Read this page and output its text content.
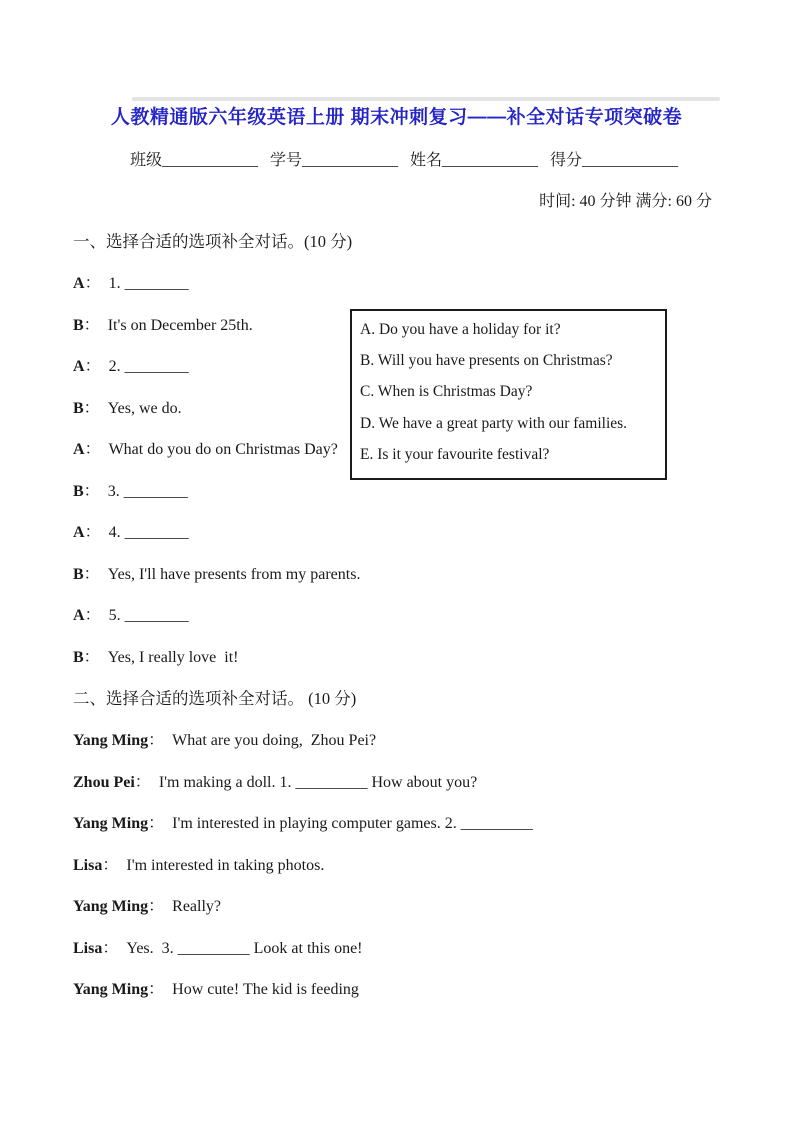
人教精通版六年级英语上册 期末冲刺复习——补全对话专项突破卷
班级____________ 学号____________ 姓名____________ 得分____________
时间: 40 分钟 满分: 60 分
一、选择合适的选项补全对话。(10 分)
A： 1. ________
B： It's on December 25th.
A： 2. ________
B： Yes, we do.
A： What do you do on Christmas Day?
B： 3. ________
A： 4. ________
B： Yes, I'll have presents from my parents.
A： 5. ________
B： Yes, I really love  it!
A. Do you have a holiday for it?
B. Will you have presents on Christmas?
C. When is Christmas Day?
D. We have a great party with our families.
E. Is it your favourite festival?
二、选择合适的选项补全对话。 (10 分)
Yang Ming： What are you doing,  Zhou Pei?
Zhou Pei： I'm making a doll. 1. _________ How about you?
Yang Ming： I'm interested in playing computer games. 2. _________
Lisa： I'm interested in taking photos.
Yang Ming： Really?
Lisa： Yes.  3. _________ Look at this one!
Yang Ming： How cute! The kid is feeding
